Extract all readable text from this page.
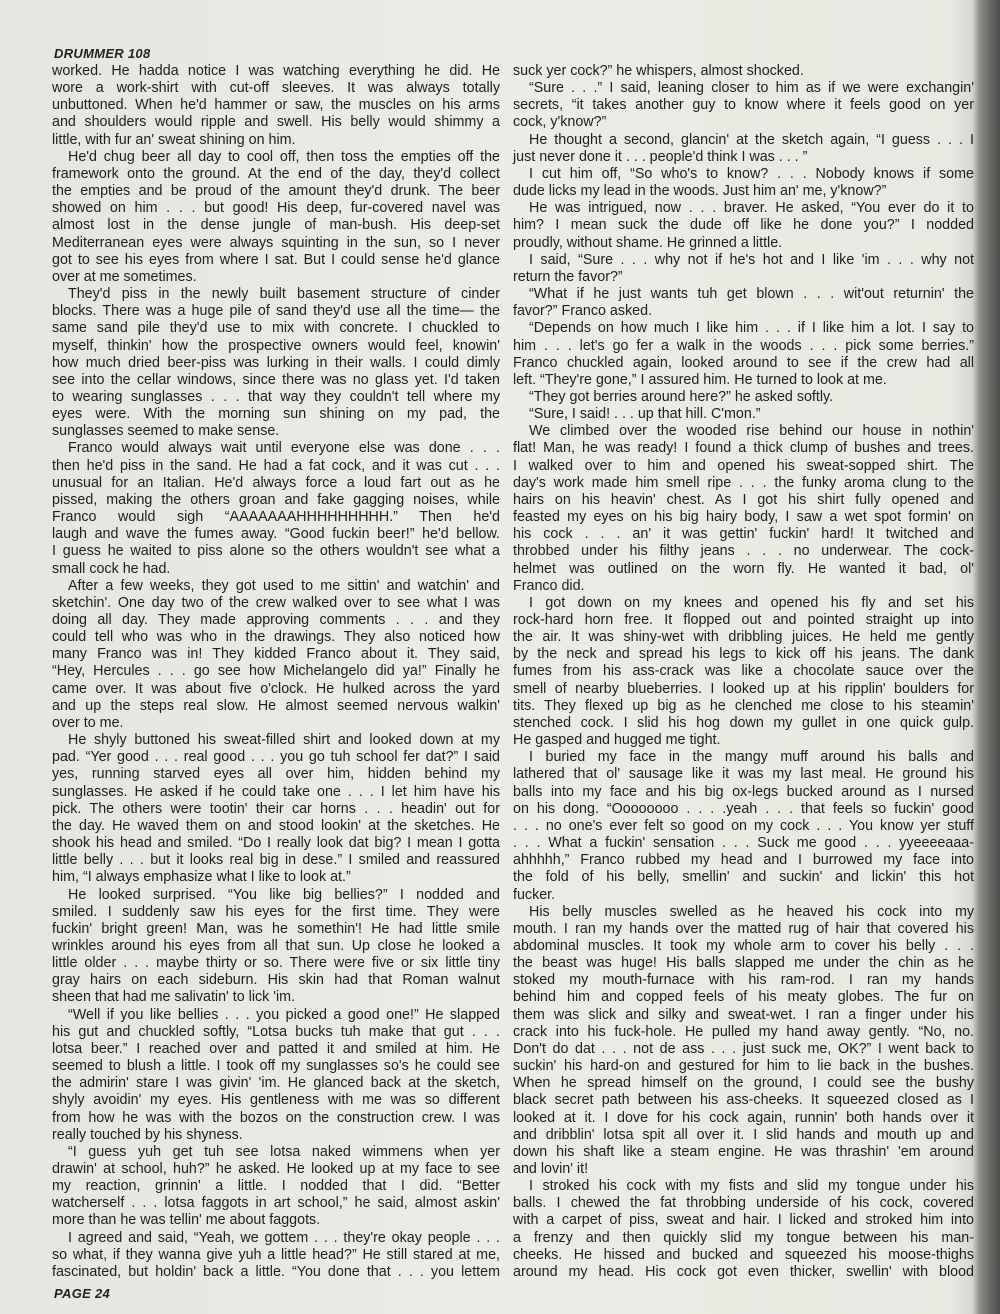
DRUMMER 108
worked. He hadda notice I was watching everything he did. He
wore a work-shirt with cut-off sleeves. It was always totally
unbuttoned. When he'd hammer or saw, the muscles on his arms
and shoulders would ripple and swell. His belly would shimmy a
little, with fur an' sweat shining on him.
He'd chug beer all day to cool off, then toss the empties off the
framework onto the ground. At the end of the day, they'd collect
the empties and be proud of the amount they'd drunk. The beer
showed on him . . . but good! His deep, fur-covered navel was
almost lost in the dense jungle of man-bush. His deep-set
Mediterranean eyes were always squinting in the sun, so I never
got to see his eyes from where I sat. But I could sense he'd glance
over at me sometimes.
They'd piss in the newly built basement structure of cinder
blocks. There was a huge pile of sand they'd use all the time— the
same sand pile they'd use to mix with concrete. I chuckled to
myself, thinkin' how the prospective owners would feel, knowin'
how much dried beer-piss was lurking in their walls. I could dimly
see into the cellar windows, since there was no glass yet. I'd taken
to wearing sunglasses . . . that way they couldn't tell where my
eyes were. With the morning sun shining on my pad, the
sunglasses seemed to make sense.
Franco would always wait until everyone else was done . . .
then he'd piss in the sand. He had a fat cock, and it was cut . . .
unusual for an Italian. He'd always force a loud fart out as he
pissed, making the others groan and fake gagging noises, while
Franco would sigh “AAAAAAAHHHHHHHHH.” Then he'd
laugh and wave the fumes away. “Good fuckin beer!” he'd bellow.
I guess he waited to piss alone so the others wouldn't see what a
small cock he had.
After a few weeks, they got used to me sittin' and watchin' and
sketchin'. One day two of the crew walked over to see what I was
doing all day. They made approving comments . . . and they
could tell who was who in the drawings. They also noticed how
many Franco was in! They kidded Franco about it. They said,
“Hey, Hercules . . . go see how Michelangelo did ya!” Finally he
came over. It was about five o'clock. He hulked across the yard
and up the steps real slow. He almost seemed nervous walkin'
over to me.
He shyly buttoned his sweat-filled shirt and looked down at my
pad. “Yer good . . . real good . . . you go tuh school fer dat?” I said
yes, running starved eyes all over him, hidden behind my
sunglasses. He asked if he could take one . . . I let him have his
pick. The others were tootin' their car horns . . . headin' out for
the day. He waved them on and stood lookin' at the sketches. He
shook his head and smiled. “Do I really look dat big? I mean I gotta
little belly . . . but it looks real big in dese.” I smiled and reassured
him, “I always emphasize what I like to look at.”
He looked surprised. “You like big bellies?” I nodded and
smiled. I suddenly saw his eyes for the first time. They were
fuckin' bright green! Man, was he somethin'! He had little smile
wrinkles around his eyes from all that sun. Up close he looked a
little older . . . maybe thirty or so. There were five or six little tiny
gray hairs on each sideburn. His skin had that Roman walnut
sheen that had me salivatin' to lick 'im.
“Well if you like bellies . . . you picked a good one!” He slapped
his gut and chuckled softly, “Lotsa bucks tuh make that gut . . .
lotsa beer.” I reached over and patted it and smiled at him. He
seemed to blush a little. I took off my sunglasses so's he could see
the admirin' stare I was givin' 'im. He glanced back at the sketch,
shyly avoidin' my eyes. His gentleness with me was so different
from how he was with the bozos on the construction crew. I was
really touched by his shyness.
“I guess yuh get tuh see lotsa naked wimmens when yer
drawin' at school, huh?” he asked. He looked up at my face to see
my reaction, grinnin' a little. I nodded that I did. “Better
watcherself . . . lotsa faggots in art school,” he said, almost askin'
more than he was tellin' me about faggots.
I agreed and said, “Yeah, we gottem . . . they're okay people . . .
so what, if they wanna give yuh a little head?” He still stared at me,
fascinated, but holdin' back a little. “You done that . . . you lettem
suck yer cock?” he whispers, almost shocked.
“Sure . . .” I said, leaning closer to him as if we were exchangin'
secrets, “it takes another guy to know where it feels good on yer
cock, y'know?”
He thought a second, glancin' at the sketch again, “I guess . . . I
just never done it . . . people'd think I was . . . ”
I cut him off, “So who's to know? . . . Nobody knows if some
dude licks my lead in the woods. Just him an' me, y'know?”
He was intrigued, now . . . braver. He asked, “You ever do it to
him? I mean suck the dude off like he done you?” I nodded
proudly, without shame. He grinned a little.
I said, “Sure . . . why not if he's hot and I like 'im . . . why not
return the favor?”
“What if he just wants tuh get blown . . . wit'out returnin' the
favor?” Franco asked.
“Depends on how much I like him . . . if I like him a lot. I say to
him . . . let's go fer a walk in the woods . . . pick some berries.”
Franco chuckled again, looked around to see if the crew had all
left. “They're gone,” I assured him. He turned to look at me.
“They got berries around here?” he asked softly.
“Sure, I said! . . . up that hill. C'mon.”
We climbed over the wooded rise behind our house in nothin'
flat! Man, he was ready! I found a thick clump of bushes and trees.
I walked over to him and opened his sweat-sopped shirt. The
day's work made him smell ripe . . . the funky aroma clung to the
hairs on his heavin' chest. As I got his shirt fully opened and
feasted my eyes on his big hairy body, I saw a wet spot formin' on
his cock . . . an' it was gettin' fuckin' hard! It twitched and
throbbed under his filthy jeans . . . no underwear. The cock-
helmet was outlined on the worn fly. He wanted it bad, ol'
Franco did.
I got down on my knees and opened his fly and set his
rock-hard horn free. It flopped out and pointed straight up into
the air. It was shiny-wet with dribbling juices. He held me gently
by the neck and spread his legs to kick off his jeans. The dank
fumes from his ass-crack was like a chocolate sauce over the
smell of nearby blueberries. I looked up at his ripplin' boulders for
tits. They flexed up big as he clenched me close to his steamin'
stenched cock. I slid his hog down my gullet in one quick gulp.
He gasped and hugged me tight.
I buried my face in the mangy muff around his balls and
lathered that ol' sausage like it was my last meal. He ground his
balls into my face and his big ox-legs bucked around as I nursed
on his dong. “Oooooooo . . . .yeah . . . that feels so fuckin' good
. . . no one's ever felt so good on my cock . . . You know yer stuff
. . . What a fuckin' sensation . . . Suck me good . . . yyeeeeaaa-
ahhhhh,” Franco rubbed my head and I burrowed my face into
the fold of his belly, smellin' and suckin' and lickin' this hot
fucker.
His belly muscles swelled as he heaved his cock into my
mouth. I ran my hands over the matted rug of hair that covered his
abdominal muscles. It took my whole arm to cover his belly . . .
the beast was huge! His balls slapped me under the chin as he
stoked my mouth-furnace with his ram-rod. I ran my hands
behind him and copped feels of his meaty globes. The fur on
them was slick and silky and sweat-wet. I ran a finger under his
crack into his fuck-hole. He pulled my hand away gently. “No, no.
Don't do dat . . . not de ass . . . just suck me, OK?” I went back to
suckin' his hard-on and gestured for him to lie back in the bushes.
When he spread himself on the ground, I could see the bushy
black secret path between his ass-cheeks. It squeezed closed as I
looked at it. I dove for his cock again, runnin' both hands over it
and dribblin' lotsa spit all over it. I slid hands and mouth up and
down his shaft like a steam engine. He was thrashin' 'em around
and lovin' it!
I stroked his cock with my fists and slid my tongue under his
balls. I chewed the fat throbbing underside of his cock, covered
with a carpet of piss, sweat and hair. I licked and stroked him into
a frenzy and then quickly slid my tongue between his man-
cheeks. He hissed and bucked and squeezed his moose-thighs
around my head. His cock got even thicker, swellin' with blood
PAGE 24
